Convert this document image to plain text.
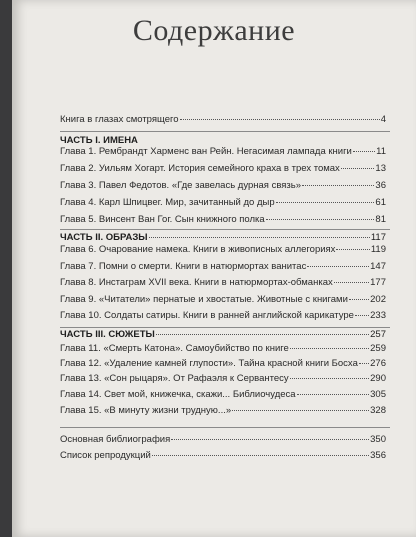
Содержание
Книга в глазах смотрящего	4
ЧАСТЬ I. ИМЕНА
Глава 1. Рембрандт Харменс ван Рейн. Негасимая лампада книги	11
Глава 2. Уильям Хогарт. История семейного краха в трех томах	13
Глава 3. Павел Федотов. «Где завелась дурная связь»	36
Глава 4. Карл Шпицвег. Мир, зачитанный до дыр	61
Глава 5. Винсент Ван Гог. Сын книжного полка	81
ЧАСТЬ II. ОБРАЗЫ	117
Глава 6. Очарование намека. Книги в живописных аллегориях	119
Глава 7. Помни о смерти. Книги в натюрмортах ванитас	147
Глава 8. Инстаграм XVII века. Книги в натюрмортах-обманках	177
Глава 9. «Читатели» пернатые и хвостатые. Животные с книгами 202
Глава 10. Солдаты сатиры. Книги в ранней английской карикатуре 233
ЧАСТЬ III. СЮЖЕТЫ	257
Глава 11. «Смерть Катона». Самоубийство по книге	259
Глава 12. «Удаление камней глупости». Тайна красной книги Босха 276
Глава 13. «Сон рыцаря». От Рафаэля к Сервантесу	290
Глава 14. Свет мой, книжечка, скажи... Библиочудеса	305
Глава 15. «В минуту жизни трудную...»	328
Основная библиография	350
Список репродукций	356
